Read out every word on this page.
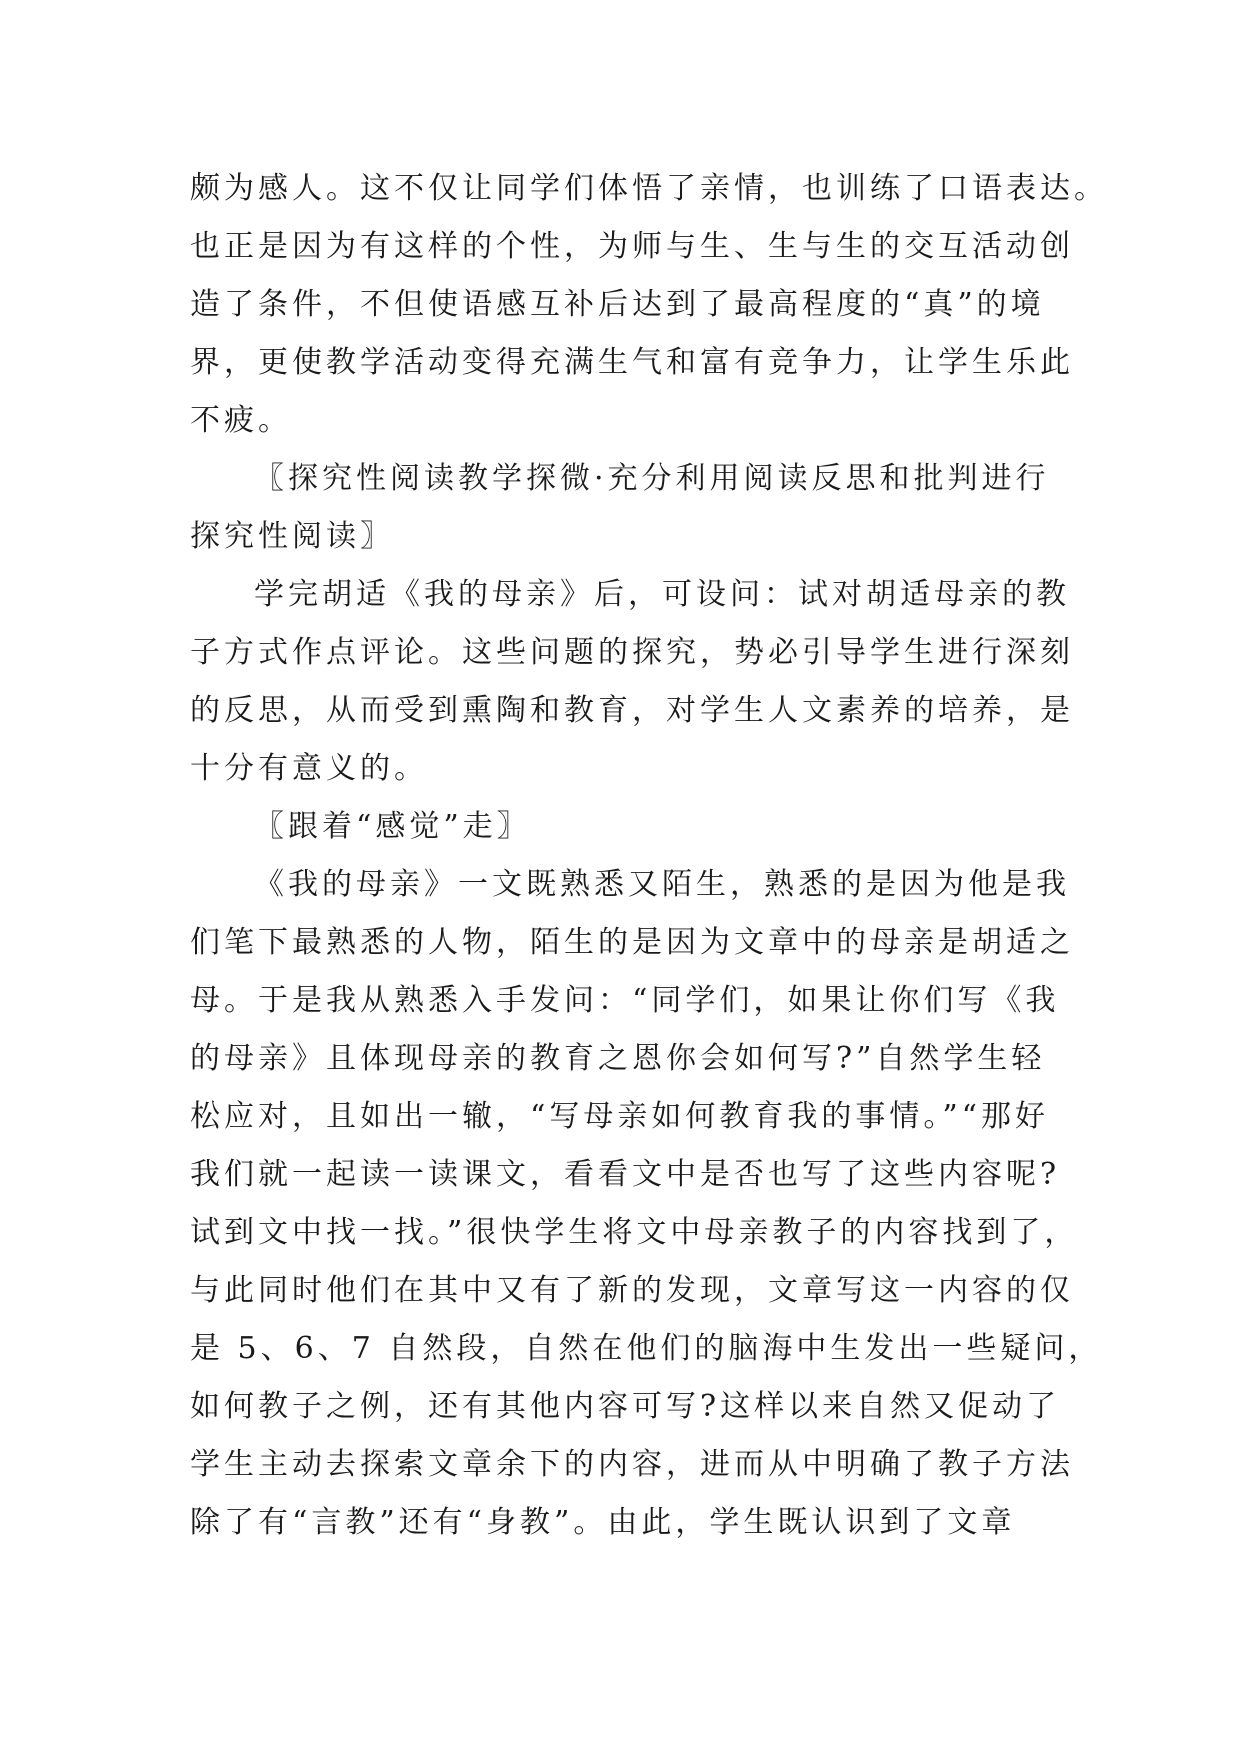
颇为感人。这不仅让同学们体悟了亲情，也训练了口语表达。
也正是因为有这样的个性，为师与生、生与生的交互活动创
造了条件，不但使语感互补后达到了最高程度的“真”的境
界，更使教学活动变得充满生气和富有竞争力，让学生乐此
不疲。
〖探究性阅读教学探微·充分利用阅读反思和批判进行
探究性阅读〗
学完胡适《我的母亲》后，可设问：试对胡适母亲的教
子方式作点评论。这些问题的探究，势必引导学生进行深刻
的反思，从而受到熏陶和教育，对学生人文素养的培养，是
十分有意义的。
〖跟着“感觉”走〗
《我的母亲》一文既熟悉又陌生，熟悉的是因为他是我
们笔下最熟悉的人物，陌生的是因为文章中的母亲是胡适之
母。于是我从熟悉入手发问：“同学们，如果让你们写《我
的母亲》且体现母亲的教育之恩你会如何写?”自然学生轻
松应对，且如出一辙，“写母亲如何教育我的事情。”“那好
我们就一起读一读课文，看看文中是否也写了这些内容呢?
试到文中找一找。”很快学生将文中母亲教子的内容找到了，
与此同时他们在其中又有了新的发现，文章写这一内容的仅
是 5、6、7 自然段，自然在他们的脑海中生发出一些疑问，
如何教子之例，还有其他内容可写?这样以来自然又促动了
学生主动去探索文章余下的内容，进而从中明确了教子方法
除了有“言教”还有“身教”。由此，学生既认识到了文章
